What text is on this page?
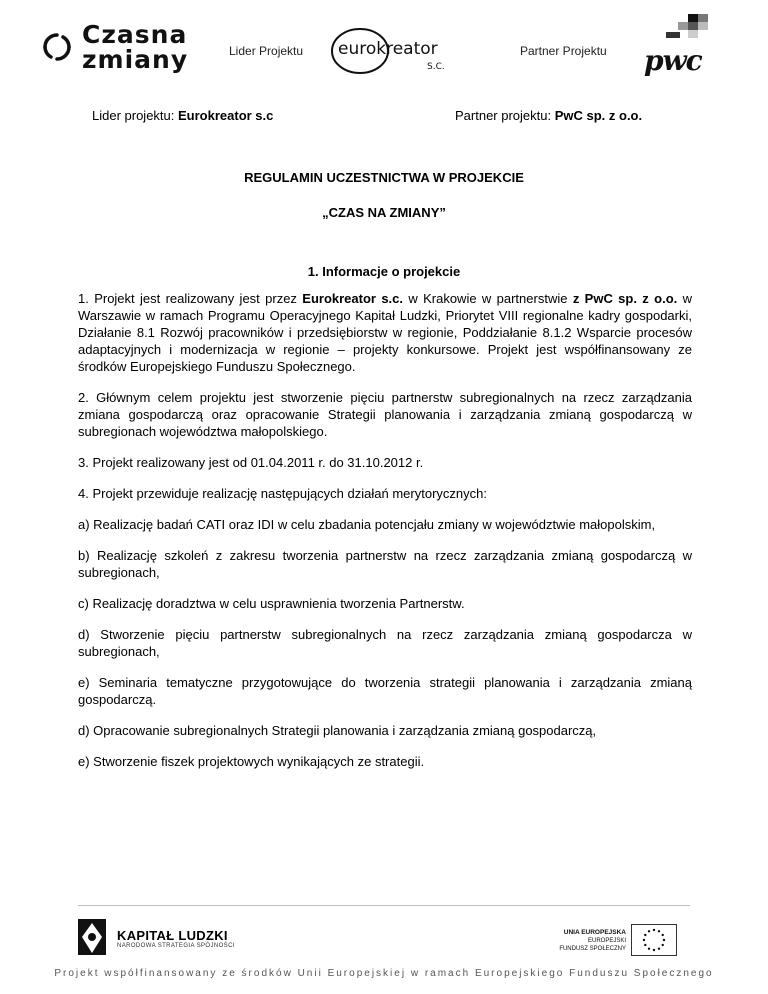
Czasna
zmiany	Lider Projektu eurokreator
S.C.
Partner Projektu pwc
Lider projektu: Eurokreator s.c	Partner projektu: PwC sp. z o.o.
REGULAMIN UCZESTNICTWA W PROJEKCIE
„CZAS NA ZMIANY”
1. Informacje o projekcie

1. Projekt jest realizowany jest przez Eurokreator s.c. w Krakowie w partnerstwie z PwC sp. z o.o. w Warszawie w ramach Programu Operacyjnego Kapitał Ludzki, Priorytet VIII regionalne kadry gospodarki, Działanie 8.1 Rozwój pracowników i przedsiębiorstw w regionie, Poddziałanie 8.1.2 Wsparcie procesów adaptacyjnych i modernizacja w regionie – projekty konkursowe. Projekt jest współfinansowany ze środków Europejskiego Funduszu Społecznego.

2. Głównym celem projektu jest stworzenie pięciu partnerstw subregionalnych na rzecz zarządzania zmiana gospodarczą oraz opracowanie Strategii planowania i zarządzania zmianą gospodarczą w subregionach województwa małopolskiego.

3. Projekt realizowany jest od 01.04.2011 r. do 31.10.2012 r.

4. Projekt przewiduje realizację następujących działań merytorycznych:

a) Realizację badań CATI oraz IDI w celu zbadania potencjału zmiany w województwie małopolskim,

b) Realizację szkoleń z zakresu tworzenia partnerstw na rzecz zarządzania zmianą gospodarczą w subregionach,

c) Realizację doradztwa w celu usprawnienia tworzenia Partnerstw.

d) Stworzenie pięciu partnerstw subregionalnych na rzecz zarządzania zmianą gospodarcza w subregionach,

e) Seminaria tematyczne przygotowujące do tworzenia strategii planowania i zarządzania zmianą gospodarczą.

d) Opracowanie subregionalnych Strategii planowania i zarządzania zmianą gospodarczą,

e) Stworzenie fiszek projektowych wynikających ze strategii.

KAPITAŁ LUDZKI
NARODOWA STRATEGIA SPÓJNOŚCI
UNIA EUROPEJSKA
EUROPEJSKI
FUNDUSZ SPOŁECZNY
Projekt współfinansowany ze środków Unii Europejskiej w ramach Europejskiego Funduszu Społecznego
